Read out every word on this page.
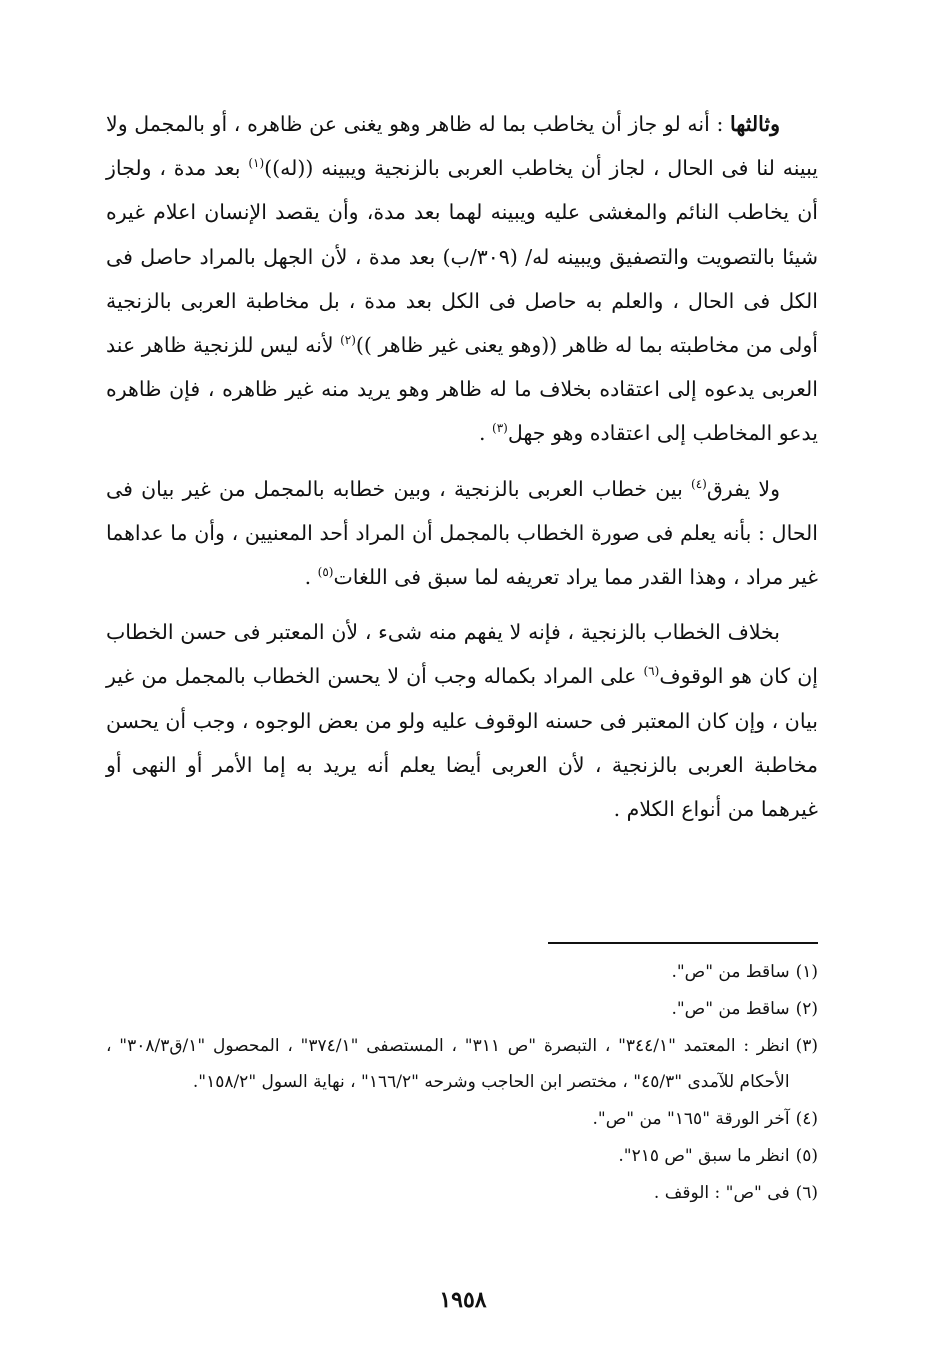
وثالثها : أنه لو جاز أن يخاطب بما له ظاهر وهو يغنى عن ظاهره ، أو بالمجمل ولا يبينه لنا فى الحال ، لجاز أن يخاطب العربى بالزنجية ويبينه ((له))$^{(١)}$ بعد مدة ، ولجاز أن يخاطب النائم والمغشى عليه ويبينه لهما بعد مدة، وأن يقصد الإنسان اعلام غيره شيئا بالتصويت والتصفيق ويبينه له/ (٣٠٩/ب) بعد مدة ، لأن الجهل بالمراد حاصل فى الكل فى الحال ، والعلم به حاصل فى الكل بعد مدة ، بل مخاطبة العربى بالزنجية أولى من مخاطبته بما له ظاهر ((وهو يعنى غير ظاهر ))$^{(٢)}$ لأنه ليس للزنجية ظاهر عند العربى يدعوه إلى اعتقاده بخلاف ما له ظاهر وهو يريد منه غير ظاهره ، فإن ظاهره يدعو المخاطب إلى اعتقاده وهو جهل$^{(٣)}$ .

ولا يفرق$^{(٤)}$ بين خطاب العربى بالزنجية ، وبين خطابه بالمجمل من غير بيان فى الحال : بأنه يعلم فى صورة الخطاب بالمجمل أن المراد أحد المعنيين ، وأن ما عداهما غير مراد ، وهذا القدر مما يراد تعريفه لما سبق فى اللغات$^{(٥)}$ .

بخلاف الخطاب بالزنجية ، فإنه لا يفهم منه شىء ، لأن المعتبر فى حسن الخطاب إن كان هو الوقوف$^{(٦)}$ على المراد بكماله وجب أن لا يحسن الخطاب بالمجمل من غير بيان ، وإن كان المعتبر فى حسنه الوقوف عليه ولو من بعض الوجوه ، وجب أن يحسن مخاطبة العربى بالزنجية ، لأن العربى أيضا يعلم أنه يريد به إما الأمر أو النهى أو غيرهما من أنواع الكلام .

(١)
ساقط من "ص".
(٢)
ساقط من "ص".
(٣)
انظر : المعتمد "٣٤٤/١" ، التبصرة "ص ٣١١" ، المستصفى "٣٧٤/١" ، المحصول "١/ق٣٠٨/٣" ، الأحكام للآمدى "٤٥/٣" ، مختصر ابن الحاجب وشرحه "١٦٦/٢" ، نهاية السول "١٥٨/٢".
(٤)
آخر الورقة "١٦٥" من "ص".
(٥)
انظر ما سبق "ص ٢١٥".
(٦)
فى "ص" : الوقف .
١٩٥٨
